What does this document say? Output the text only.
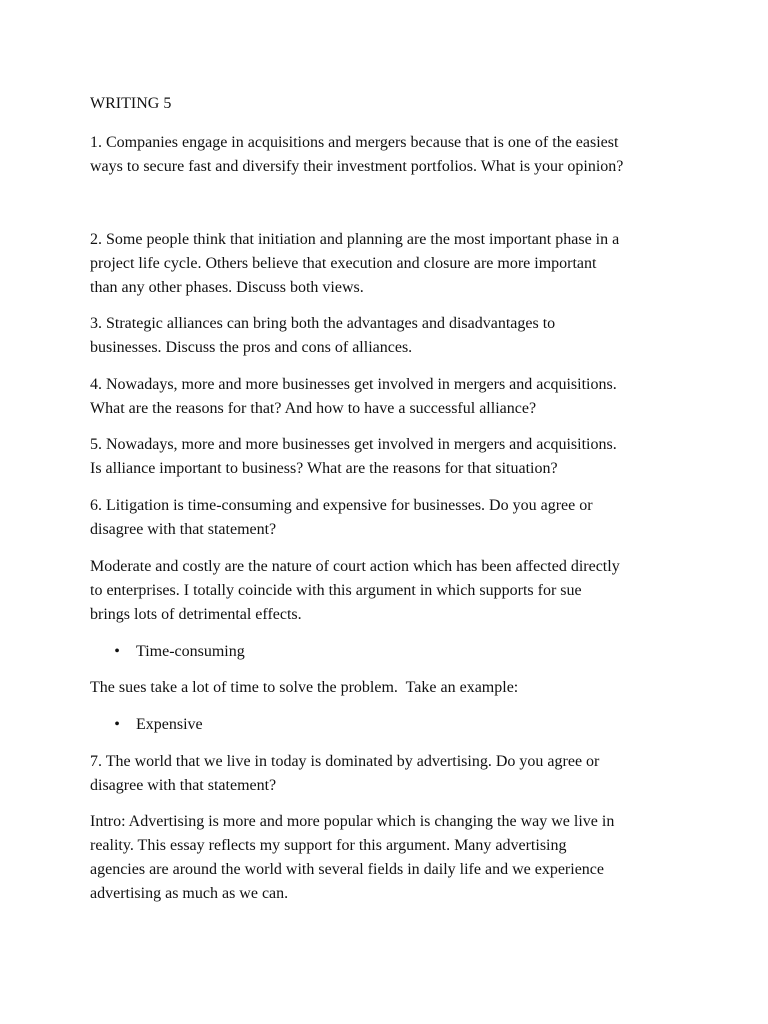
WRITING 5

1. Companies engage in acquisitions and mergers because that is one of the easiest
ways to secure fast and diversify their investment portfolios. What is your opinion?

2. Some people think that initiation and planning are the most important phase in a
project life cycle. Others believe that execution and closure are more important
than any other phases. Discuss both views.

3. Strategic alliances can bring both the advantages and disadvantages to
businesses. Discuss the pros and cons of alliances.

4. Nowadays, more and more businesses get involved in mergers and acquisitions.
What are the reasons for that? And how to have a successful alliance?

5. Nowadays, more and more businesses get involved in mergers and acquisitions.
Is alliance important to business? What are the reasons for that situation?

6. Litigation is time-consuming and expensive for businesses. Do you agree or
disagree with that statement?

Moderate and costly are the nature of court action which has been affected directly
to enterprises. I totally coincide with this argument in which supports for sue
brings lots of detrimental effects.

• Time-consuming

The sues take a lot of time to solve the problem.  Take an example:

• Expensive

7. The world that we live in today is dominated by advertising. Do you agree or
disagree with that statement?

Intro: Advertising is more and more popular which is changing the way we live in
reality. This essay reflects my support for this argument. Many advertising
agencies are around the world with several fields in daily life and we experience
advertising as much as we can.
